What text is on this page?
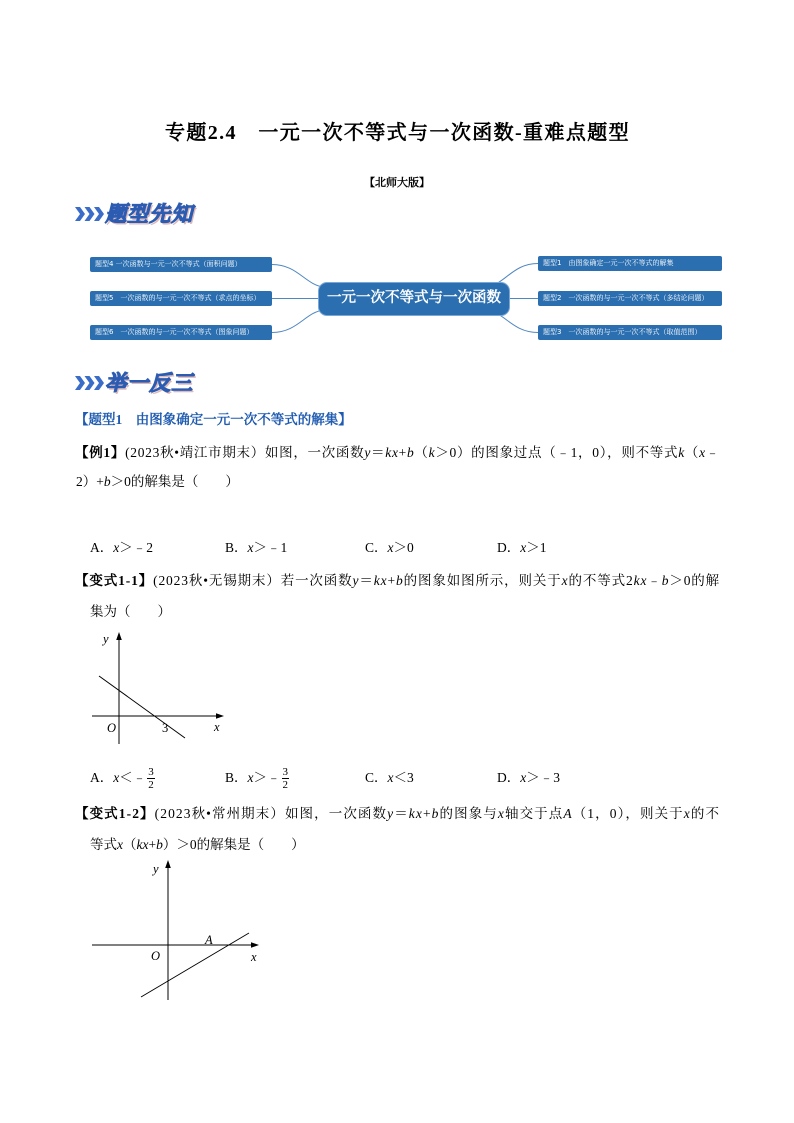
专题2.4　一元一次不等式与一次函数-重难点题型
【北师大版】
题型先知
题型4 一次函数与一元一次不等式（面积问题）
题型5　一次函数的与一元一次不等式（求点的坐标）
题型6　一次函数的与一元一次不等式（图象问题）
题型1　由图象确定一元一次不等式的解集
题型2　一次函数的与一元一次不等式（多结论问题）
题型3　一次函数的与一元一次不等式（取值范围）
一元一次不等式与一次函数
举一反三
【题型1　由图象确定一元一次不等式的解集】
【例1】(2023秋•靖江市期末）如图，一次函数y＝kx+b（k＞0）的图象过点（﹣1，0），则不等式k（x﹣
2）+b＞0的解集是（　　）
A．x＞﹣2	B．x＞﹣1	C．x＞0	D．x＞1
【变式1-1】(2023秋•无锡期末）若一次函数y＝kx+b的图象如图所示，则关于x的不等式2kx﹣b＞0的解
集为（　　）
y
x
O	3
A．x＜﹣ $\frac{3}{2}$	B．x＞﹣ $\frac{3}{2}$	C．x＜3	D．x＞﹣3
【变式1-2】(2023秋•常州期末）如图，一次函数y＝kx+b的图象与x轴交于点A（1，0），则关于x的不
等式x（kx+b）＞0的解集是（　　）
y
x
O
A
